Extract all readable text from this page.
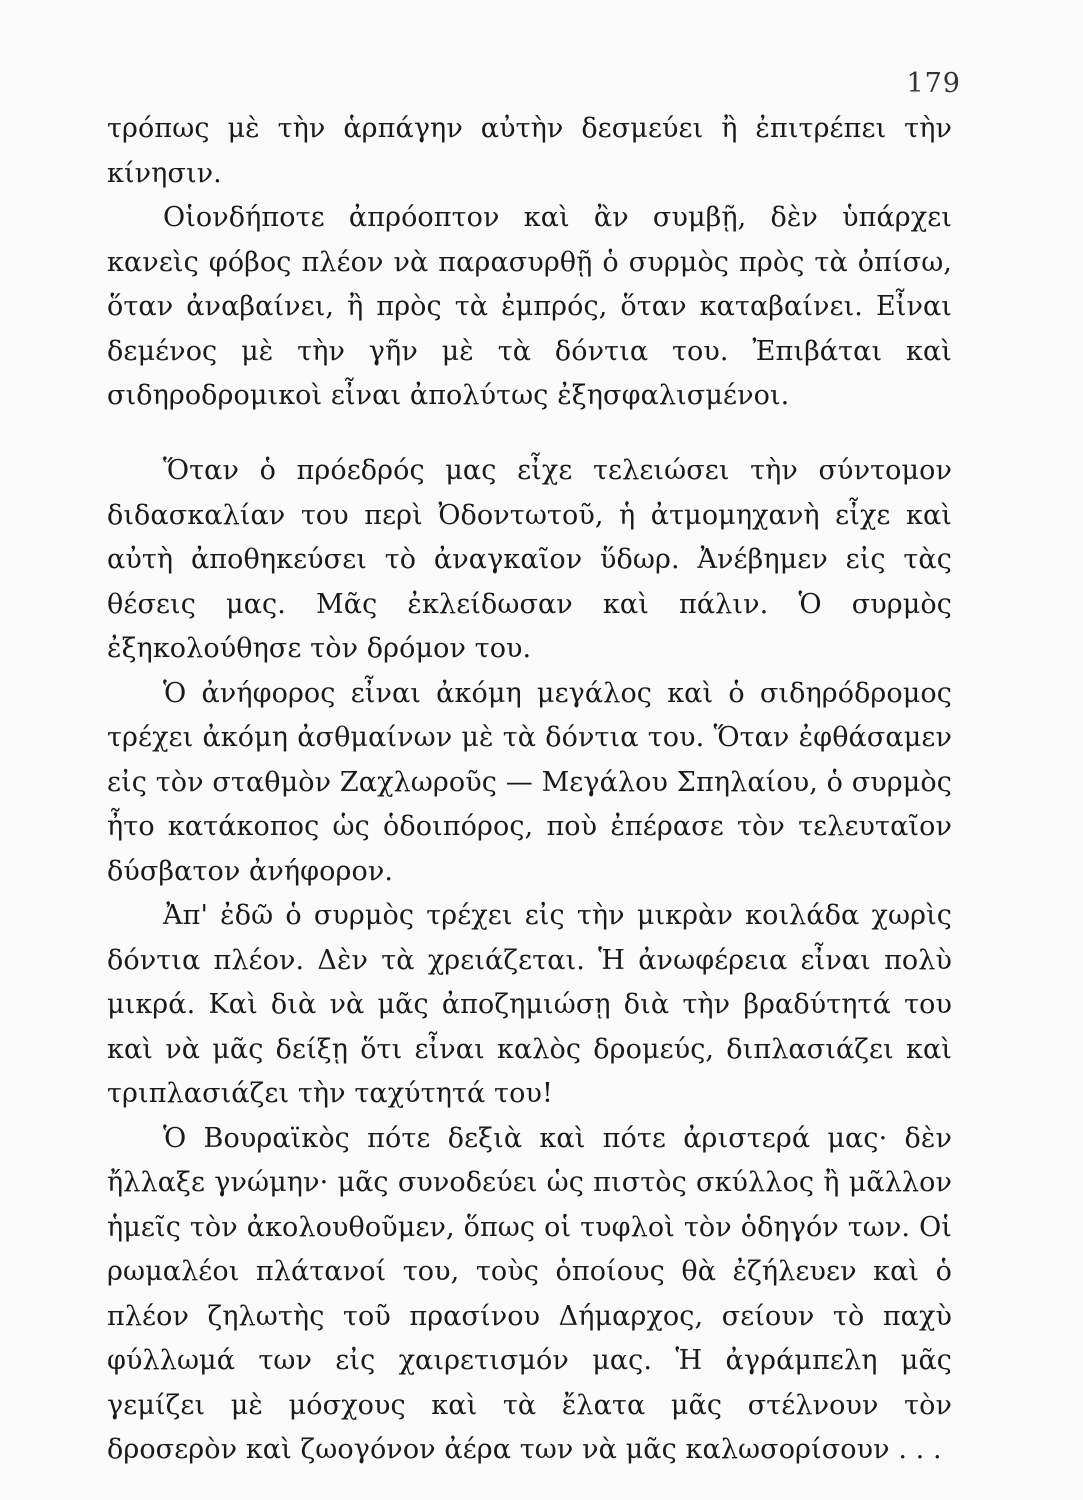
179

τρόπως μὲ τὴν ἁρπάγην αὐτὴν δεσμεύει ἢ ἐπιτρέπει τὴν κίνησιν.

Οἱονδήποτε ἀπρόοπτον καὶ ἂν συμβῇ, δὲν ὑπάρχει κανεὶς φόβος πλέον νὰ παρασυρθῇ ὁ συρμὸς πρὸς τὰ ὀπίσω, ὅταν ἀναβαίνει, ἢ πρὸς τὰ ἐμπρός, ὅταν καταβαίνει. Εἶναι δεμένος μὲ τὴν γῆν μὲ τὰ δόντια του. Ἐπιβάται καὶ σιδηροδρομικοὶ εἶναι ἀπολύτως ἐξησφαλισμένοι.

Ὅταν ὁ πρόεδρός μας εἶχε τελειώσει τὴν σύντομον διδασκαλίαν του περὶ Ὀδοντωτοῦ, ἡ ἀτμομηχανὴ εἶχε καὶ αὐτὴ ἀποθηκεύσει τὸ ἀναγκαῖον ὕδωρ. Ἀνέβημεν εἰς τὰς θέσεις μας. Μᾶς ἐκλείδωσαν καὶ πάλιν. Ὁ συρμὸς ἐξηκολούθησε τὸν δρόμον του.

Ὁ ἀνήφορος εἶναι ἀκόμη μεγάλος καὶ ὁ σιδηρόδρομος τρέχει ἀκόμη ἀσθμαίνων μὲ τὰ δόντια του. Ὅταν ἐφθάσαμεν εἰς τὸν σταθμὸν Ζαχλωροῦς — Μεγάλου Σπηλαίου, ὁ συρμὸς ἦτο κατάκοπος ὡς ὁδοιπόρος, ποὺ ἐπέρασε τὸν τελευταῖον δύσβατον ἀνήφορον.

Ἀπ' ἐδῶ ὁ συρμὸς τρέχει εἰς τὴν μικρὰν κοιλάδα χωρὶς δόντια πλέον. Δὲν τὰ χρειάζεται. Ἡ ἀνωφέρεια εἶναι πολὺ μικρά. Καὶ διὰ νὰ μᾶς ἀποζημιώσῃ διὰ τὴν βραδύτητά του καὶ νὰ μᾶς δείξῃ ὅτι εἶναι καλὸς δρομεύς, διπλασιάζει καὶ τριπλασιάζει τὴν ταχύτητά του!

Ὁ Βουραϊκὸς πότε δεξιὰ καὶ πότε ἀριστερά μας· δὲν ἤλλαξε γνώμην· μᾶς συνοδεύει ὡς πιστὸς σκύλλος ἢ μᾶλλον ἡμεῖς τὸν ἀκολουθοῦμεν, ὅπως οἱ τυφλοὶ τὸν ὁδηγόν των. Οἱ ρωμαλέοι πλάτανοί του, τοὺς ὁποίους θὰ ἐζήλευεν καὶ ὁ πλέον ζηλωτὴς τοῦ πρασίνου Δήμαρχος, σείουν τὸ παχὺ φύλλωμά των εἰς χαιρετισμόν μας. Ἡ ἀγράμπελη μᾶς γεμίζει μὲ μόσχους καὶ τὰ ἔλατα μᾶς στέλνουν τὸν δροσερὸν καὶ ζωογόνον ἀέρα των νὰ μᾶς καλωσορίσουν . . .
